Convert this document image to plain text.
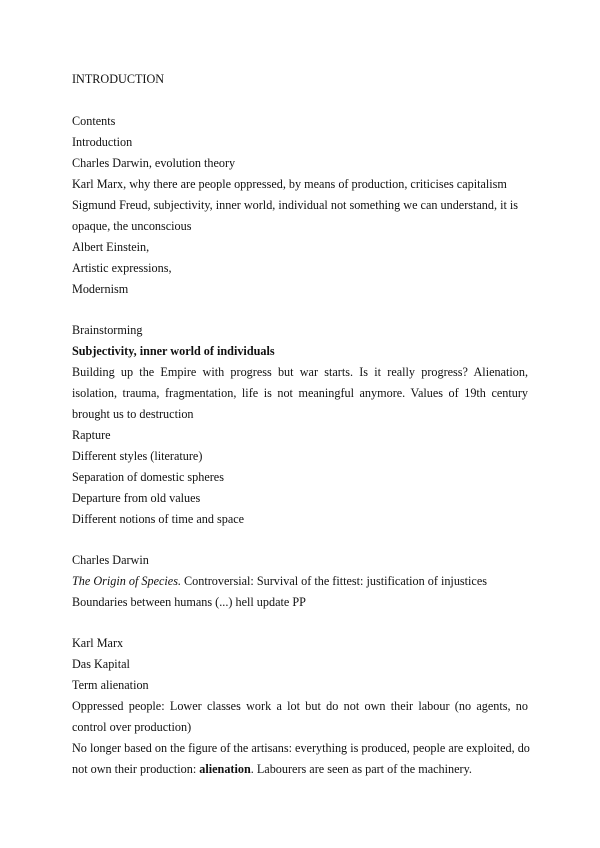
INTRODUCTION
Contents
Introduction
Charles Darwin, evolution theory
Karl Marx, why there are people oppressed, by means of production, criticises capitalism
Sigmund Freud, subjectivity, inner world, individual not something we can understand, it is
opaque, the unconscious
Albert Einstein,
Artistic expressions,
Modernism
Brainstorming
Subjectivity, inner world of individuals
Building up the Empire with progress but war starts. Is it really progress? Alienation,
isolation, trauma, fragmentation, life is not meaningful anymore. Values of 19th century
brought us to destruction
Rapture
Different styles (literature)
Separation of domestic spheres
Departure from old values
Different notions of time and space
Charles Darwin
The Origin of Species. Controversial: Survival of the fittest: justification of injustices
Boundaries between humans (...) hell update PP
Karl Marx
Das Kapital
Term alienation
Oppressed people: Lower classes work a lot but do not own their labour (no agents, no
control over production)
No longer based on the figure of the artisans: everything is produced, people are exploited, do
not own their production: alienation. Labourers are seen as part of the machinery.
